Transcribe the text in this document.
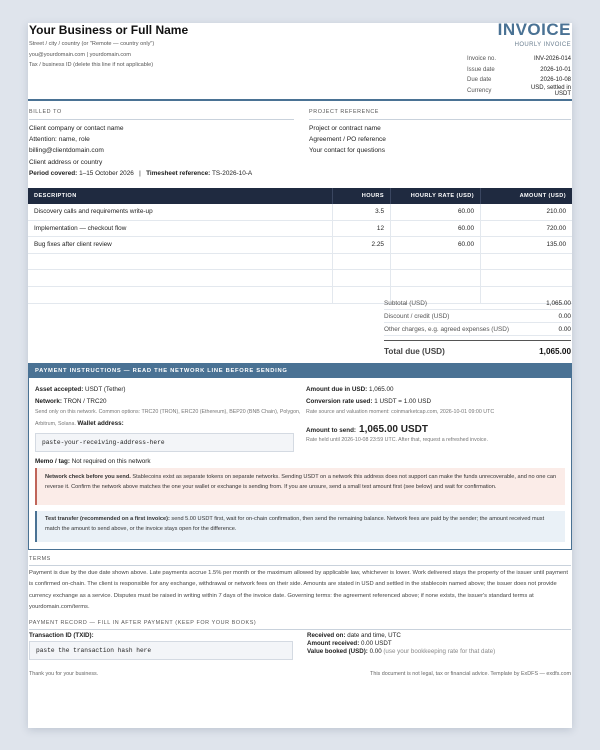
Your Business or Full Name
Street / city / country (or "Remote — country only")
you@yourdomain.com | yourdomain.com
Tax / business ID (delete this line if not applicable)
INVOICE
HOURLY INVOICE
Invoice no.	INV-2026-014
Issue date	2026-10-01
Due date	2026-10-08
Currency	USD, settled in USDT
BILLED TO
Client company or contact name
Attention: name, role
billing@clientdomain.com
Client address or country
PROJECT REFERENCE
Project or contract name
Agreement / PO reference
Your contact for questions
Period covered: 1–15 October 2026 | Timesheet reference: TS-2026-10-A
DESCRIPTION	HOURS	HOURLY RATE (USD)	AMOUNT (USD)
Discovery calls and requirements write-up	3.5	60.00	210.00
Implementation — checkout flow	12	60.00	720.00
Bug fixes after client review	2.25	60.00	135.00
Subtotal (USD)	1,065.00
Discount / credit (USD)	0.00
Other charges, e.g. agreed expenses (USD)	0.00
Total due (USD)	1,065.00
PAYMENT INSTRUCTIONS — READ THE NETWORK LINE BEFORE SENDING
Asset accepted: USDT (Tether)
Network: TRON / TRC20
Send only on this network. Common options: TRC20 (TRON), ERC20 (Ethereum), BEP20 (BNB Chain), Polygon, Arbitrum, Solana. Wallet address:
paste-your-receiving-address-here
Memo / tag: Not required on this network
Amount due in USD: 1,065.00
Conversion rate used: 1 USDT = 1.00 USD
Rate source and valuation moment: coinmarketcap.com, 2026-10-01 09:00 UTC
Amount to send: 1,065.00 USDT
Rate held until 2026-10-08 23:59 UTC. After that, request a refreshed invoice.
Network check before you send. Stablecoins exist as separate tokens on separate networks. Sending USDT on a network this address does not support can make the funds unrecoverable, and no one can reverse it. Confirm the network above matches the one your wallet or exchange is sending from. If you are unsure, send a small test amount first (see below) and wait for confirmation.
Test transfer (recommended on a first invoice): send 5.00 USDT first, wait for on-chain confirmation, then send the remaining balance. Network fees are paid by the sender; the amount received must match the amount to send above, or the invoice stays open for the difference.
TERMS
Payment is due by the due date shown above. Late payments accrue 1.5% per month or the maximum allowed by applicable law, whichever is lower. Work delivered stays the property of the issuer until payment is confirmed on-chain. The client is responsible for any exchange, withdrawal or network fees on their side. Amounts are stated in USD and settled in the stablecoin named above; the issuer does not provide currency exchange as a service. Disputes must be raised in writing within 7 days of the invoice date. Governing terms: the agreement referenced above; if none exists, the issuer's standard terms at yourdomain.com/terms.
PAYMENT RECORD — FILL IN AFTER PAYMENT (KEEP FOR YOUR BOOKS)
Transaction ID (TXID):
paste the transaction hash here
Received on: date and time, UTC
Amount received: 0.00 USDT
Value booked (USD): 0.00 (use your bookkeeping rate for that date)
Thank you for your business.	This document is not legal, tax or financial advice. Template by ExDFS — exdfs.com
